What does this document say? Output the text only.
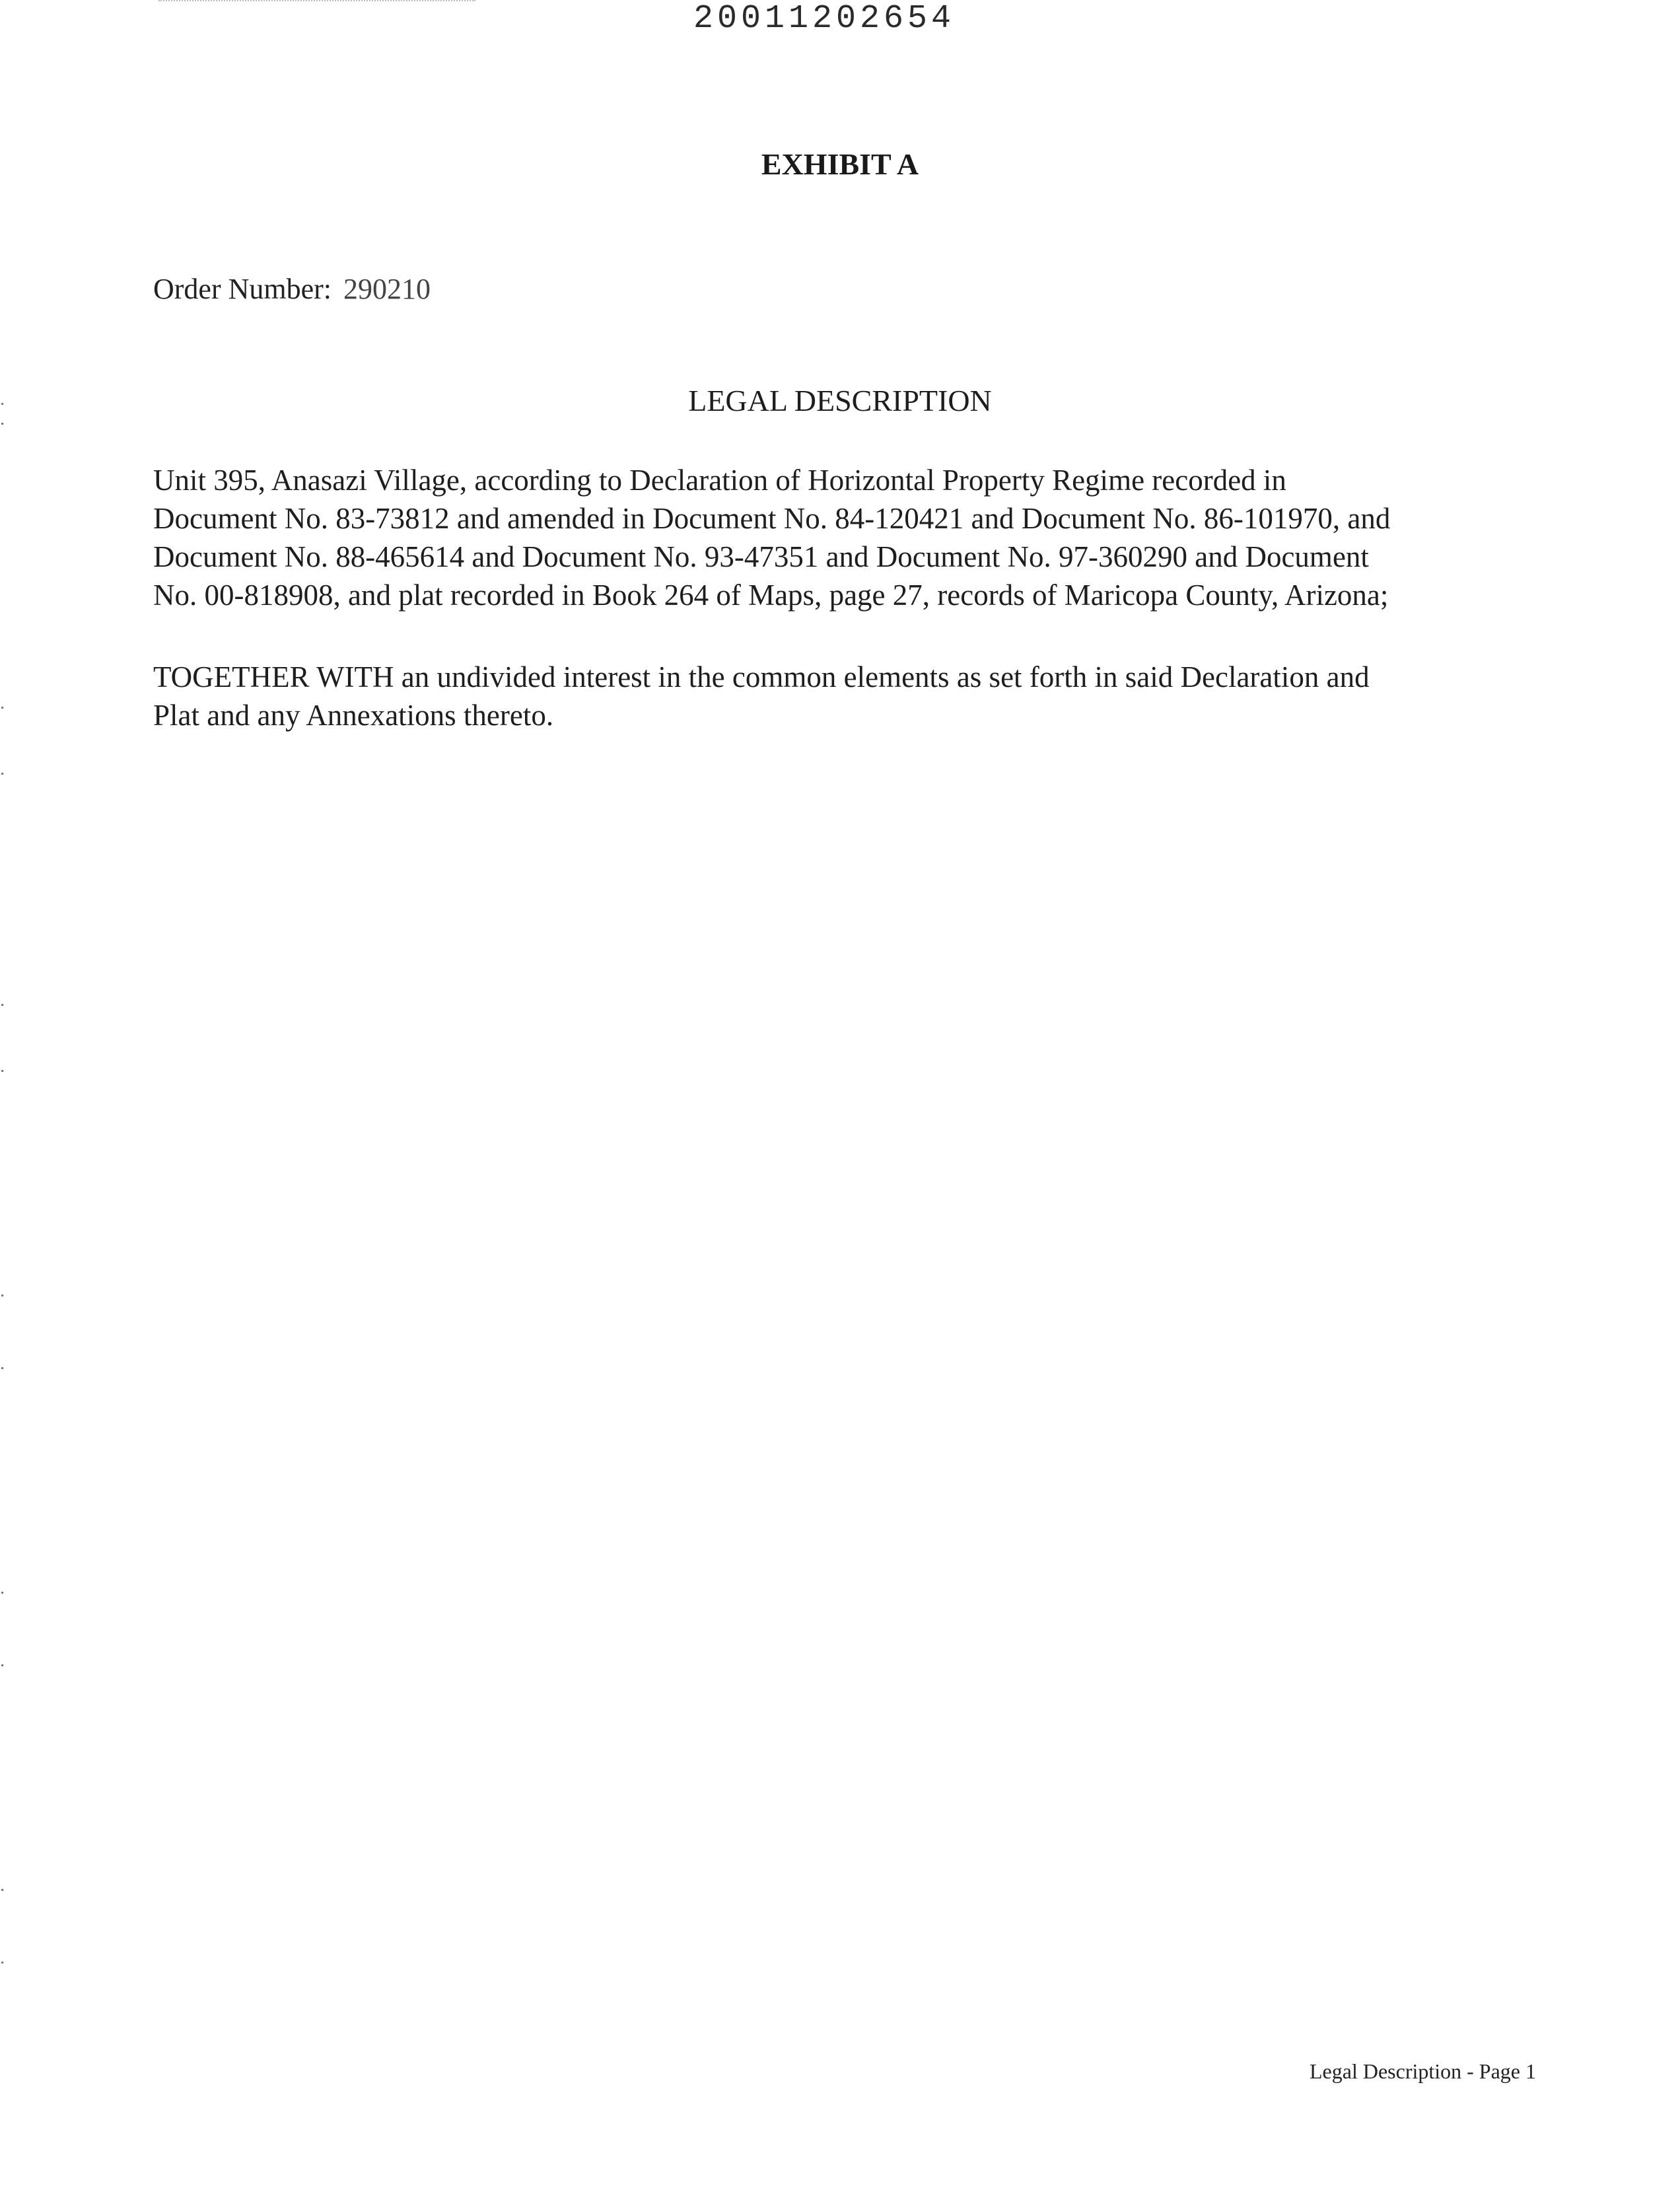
20011202654
EXHIBIT A
Order Number: 290210
LEGAL DESCRIPTION
Unit 395, Anasazi Village, according to Declaration of Horizontal Property Regime recorded in
Document No. 83-73812 and amended in Document No. 84-120421 and Document No. 86-101970, and
Document No. 88-465614 and Document No. 93-47351 and Document No. 97-360290 and Document
No. 00-818908, and plat recorded in Book 264 of Maps, page 27, records of Maricopa County, Arizona;
TOGETHER WITH an undivided interest in the common elements as set forth in said Declaration and
Plat and any Annexations thereto.
Legal Description - Page 1
